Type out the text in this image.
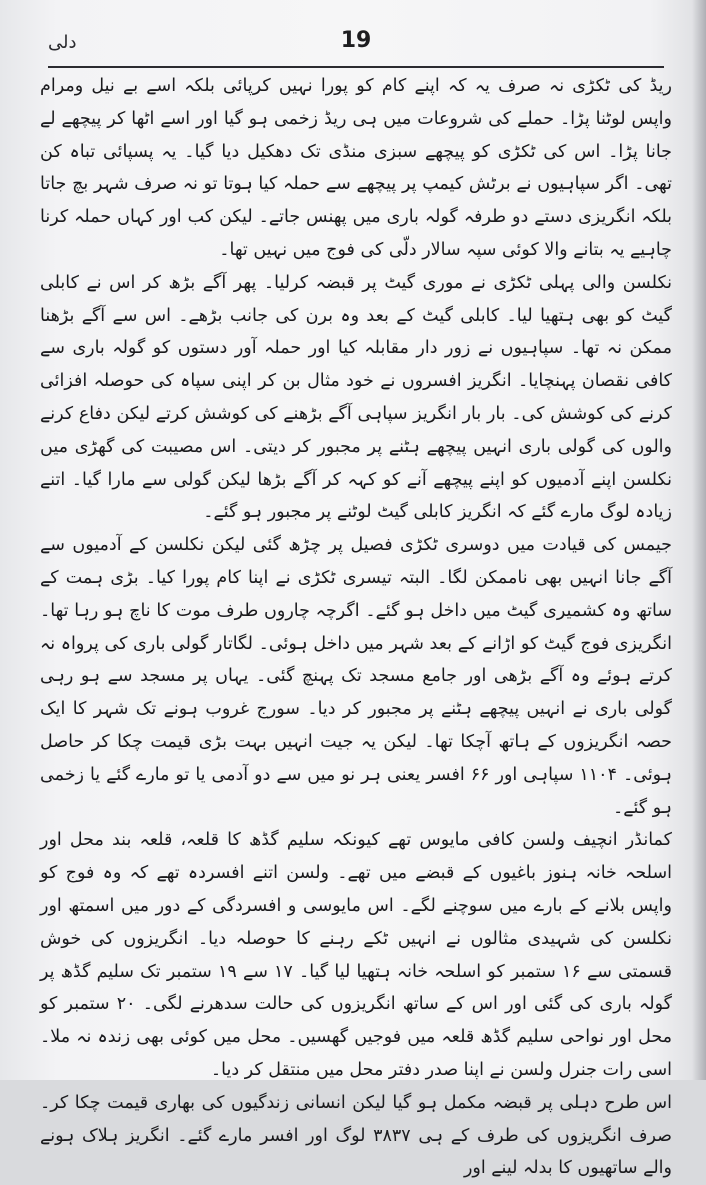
دلی	19

ریڈ کی ٹکڑی نہ صرف یہ کہ اپنے کام کو پورا نہیں کرپائی بلکہ اسے بے نیل ومرام واپس لوٹنا پڑا۔ حملے کی شروعات میں ہی ریڈ زخمی ہو گیا اور اسے اٹھا کر پیچھے لے جانا پڑا۔ اس کی ٹکڑی کو پیچھے سبزی منڈی تک دھکیل دیا گیا۔ یہ پسپائی تباہ کن تھی۔ اگر سپاہیوں نے برٹش کیمپ پر پیچھے سے حملہ کیا ہوتا تو نہ صرف شہر بچ جاتا بلکہ انگریزی دستے دو طرفہ گولہ باری میں پھنس جاتے۔ لیکن کب اور کہاں حملہ کرنا چاہیے یہ بتانے والا کوئی سپہ سالار دلّی کی فوج میں نہیں تھا۔

نکلسن والی پہلی ٹکڑی نے موری گیٹ پر قبضہ کرلیا۔ پھر آگے بڑھ کر اس نے کابلی گیٹ کو بھی ہتھیا لیا۔ کابلی گیٹ کے بعد وہ برن کی جانب بڑھے۔ اس سے آگے بڑھنا ممکن نہ تھا۔ سپاہیوں نے زور دار مقابلہ کیا اور حملہ آور دستوں کو گولہ باری سے کافی نقصان پہنچایا۔ انگریز افسروں نے خود مثال بن کر اپنی سپاہ کی حوصلہ افزائی کرنے کی کوشش کی۔ بار بار انگریز سپاہی آگے بڑھنے کی کوشش کرتے لیکن دفاع کرنے والوں کی گولی باری انہیں پیچھے ہٹنے پر مجبور کر دیتی۔ اس مصیبت کی گھڑی میں نکلسن اپنے آدمیوں کو اپنے پیچھے آنے کو کہہ کر آگے بڑھا لیکن گولی سے مارا گیا۔ اتنے زیادہ لوگ مارے گئے کہ انگریز کابلی گیٹ لوٹنے پر مجبور ہو گئے۔

جیمس کی قیادت میں دوسری ٹکڑی فصیل پر چڑھ گئی لیکن نکلسن کے آدمیوں سے آگے جانا انہیں بھی ناممکن لگا۔ البتہ تیسری ٹکڑی نے اپنا کام پورا کیا۔ بڑی ہمت کے ساتھ وہ کشمیری گیٹ میں داخل ہو گئے۔ اگرچہ چاروں طرف موت کا ناچ ہو رہا تھا۔ انگریزی فوج گیٹ کو اڑانے کے بعد شہر میں داخل ہوئی۔ لگاتار گولی باری کی پرواہ نہ کرتے ہوئے وہ آگے بڑھی اور جامع مسجد تک پہنچ گئی۔ یہاں پر مسجد سے ہو رہی گولی باری نے انہیں پیچھے ہٹنے پر مجبور کر دیا۔ سورج غروب ہونے تک شہر کا ایک حصہ انگریزوں کے ہاتھ آچکا تھا۔ لیکن یہ جیت انہیں بہت بڑی قیمت چکا کر حاصل ہوئی۔ ۱۱۰۴ سپاہی اور ۶۶ افسر یعنی ہر نو میں سے دو آدمی یا تو مارے گئے یا زخمی ہو گئے۔

کمانڈر انچیف ولسن کافی مایوس تھے کیونکہ سلیم گڈھ کا قلعہ، قلعہ بند محل اور اسلحہ خانہ ہنوز باغیوں کے قبضے میں تھے۔ ولسن اتنے افسردہ تھے کہ وہ فوج کو واپس بلانے کے بارے میں سوچنے لگے۔ اس مایوسی و افسردگی کے دور میں اسمتھ اور نکلسن کی شہیدی مثالوں نے انہیں ٹکے رہنے کا حوصلہ دیا۔ انگریزوں کی خوش قسمتی سے ۱۶ ستمبر کو اسلحہ خانہ ہتھیا لیا گیا۔ ۱۷ سے ۱۹ ستمبر تک سلیم گڈھ پر گولہ باری کی گئی اور اس کے ساتھ انگریزوں کی حالت سدھرنے لگی۔ ۲۰ ستمبر کو محل اور نواحی سلیم گڈھ قلعہ میں فوجیں گھسیں۔ محل میں کوئی بھی زندہ نہ ملا۔ اسی رات جنرل ولسن نے اپنا صدر دفتر محل میں منتقل کر دیا۔

اس طرح دہلی پر قبضہ مکمل ہو گیا لیکن انسانی زندگیوں کی بھاری قیمت چکا کر۔ صرف انگریزوں کی طرف کے ہی ۳۸۳۷ لوگ اور افسر مارے گئے۔ انگریز ہلاک ہونے والے ساتھیوں کا بدلہ لینے اور
